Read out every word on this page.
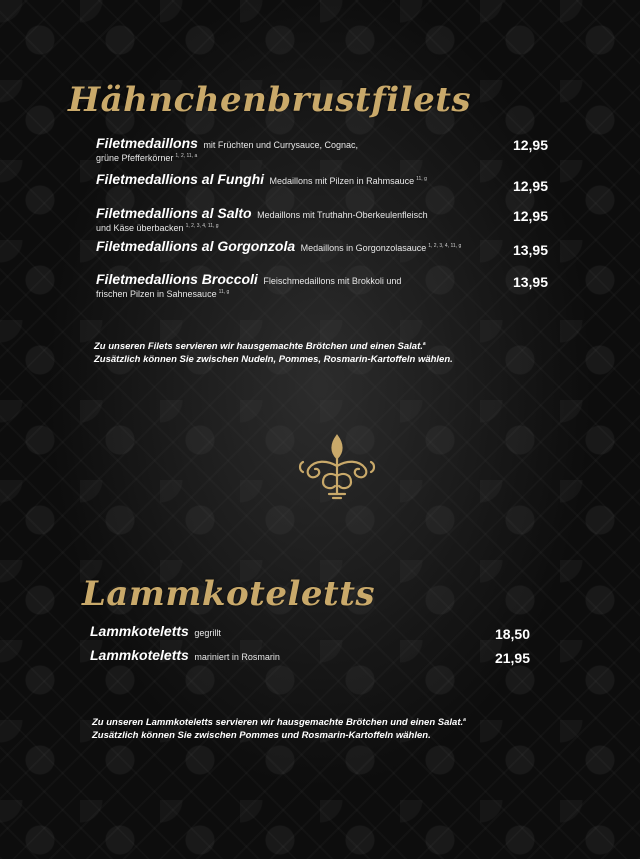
Hähnchenbrustfilets
Filetmedaillons mit Früchten und Currysauce, Cognac,
grüne Pfefferkörner $^{1, 2, 11, a}$
12,95
Filetmedallions al Funghi Medaillons mit Pilzen in Rahmsauce $^{11, g}$	12,95
Filetmedallions al Salto Medaillons mit Truthahn-Oberkeulenfleisch
und Käse überbacken $^{1, 2, 3, 4, 11, g}$
12,95
Filetmedallions al Gorgonzola Medaillons in Gorgonzolasauce $^{1, 2, 3, 4, 11, g}$	13,95
Filetmedallions Broccoli Fleischmedaillons mit Brokkoli und
frischen Pilzen in Sahnesauce $^{11, g}$
13,95
Zu unseren Filets servieren wir hausgemachte Brötchen und einen Salat.$^a$
Zusätzlich können Sie zwischen Nudeln, Pommes, Rosmarin-Kartoffeln wählen.
Lammkoteletts
Lammkoteletts gegrillt	18,50
Lammkoteletts mariniert in Rosmarin	21,95
Zu unseren Lammkoteletts servieren wir hausgemachte Brötchen und einen Salat.$^a$
Zusätzlich können Sie zwischen Pommes und Rosmarin-Kartoffeln wählen.
